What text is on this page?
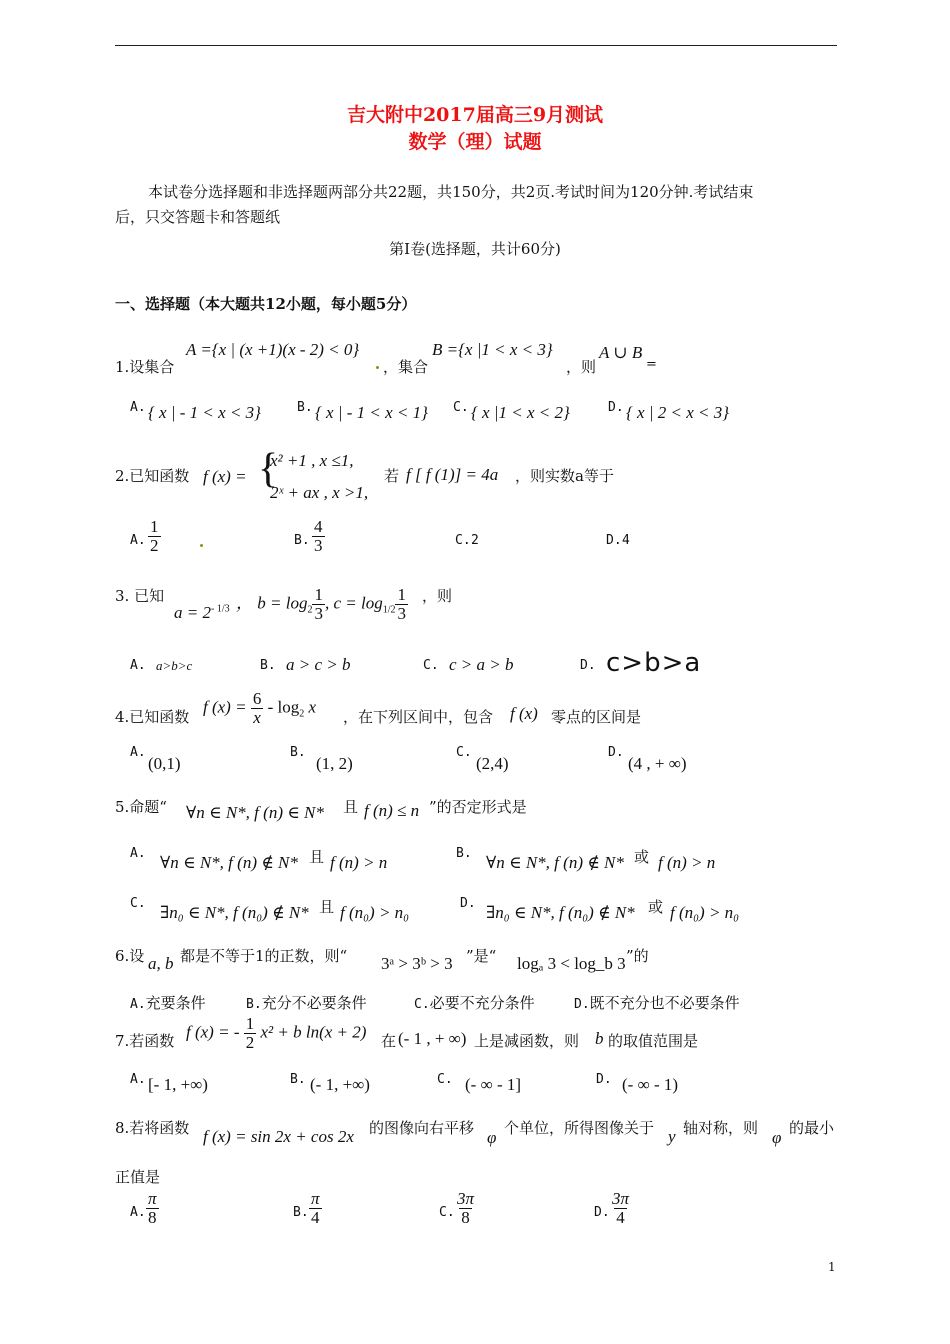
吉大附中2017届高三9月测试
数学（理）试题
本试卷分选择题和非选择题两部分共22题，共150分，共2页.考试时间为120分钟.考试结束
后，只交答题卡和答题纸
第Ⅰ卷(选择题，共计60分)
一、选择题（本大题共12小题，每小题5分）
1.设集合
A ={x | (x +1)(x - 2) < 0}
，集合
B ={x |1 < x < 3}
，则
A ∪ B
=
A. { x | - 1 < x < 3}	B. { x | - 1 < x < 1} C. { x |1 < x < 2}	D. { x | 2 < x < 3}
2.已知函数 f (x) = {
x² +1 , x ≤1,
2ˣ + ax , x >1,
若 f [ f (1)] = 4a ，则实数a等于
A. $\frac{1}{2}$	B. $\frac{4}{3}$	C. 2	D. 4
3. 已知
$a = 2^{- 1/3}$ ， $b = \log_2 \frac{1}{3}$ , $c = \log_{1/2} \frac{1}{3}$ ，则
A. a>b>c	B. a > c > b	C. c > a > b	D. c>b>a
4.已知函数
f $(x) = \frac{6}{x} - \log_2 x$
，在下列区间中，包含 f (x) 零点的区间是
A.
(0,1)
B.
(1, 2)
C.
(2,4)
D.
(4 , + ∞)
5.命题“ ∀n ∈ N*, f (n) ∈ N* 且 f (n) ≤ n ”的否定形式是
A. ∀n ∈ N*, f (n) ∉ N* 且 f (n) > n	B. ∀n ∈ N*, f (n) ∉ N* 或 f (n) > n
C. ∃n₀ ∈ N*, f (n₀) ∉ N* 且 f (n₀) > n₀	D. ∃n₀ ∈ N*, f (n₀) ∉ N* 或 f (n₀) > n₀
6.设 a, b 都是不等于1的正数，则“ 3ᵃ > 3ᵇ > 3 ”是“ logₐ 3 < log_b 3 ”的
A.充要条件	B.充分不必要条件	C.必要不充分条件	D.既不充分也不必要条件
7.若函数 f (x) = - $\frac{1}{2} x^2 + b$ ln(x + 2) 在 (- 1 , + ∞) 上是减函数，则 b 的取值范围是
A. [- 1, +∞)	B. (- 1, +∞)	C. (- ∞ - 1]	D. (- ∞ - 1)
8.若将函数 f (x) = sin 2x + cos 2x 的图像向右平移 φ 个单位，所得图像关于 y 轴对称，则 φ 的最小
正值是
A. $\frac{\pi}{8}$	B. $\frac{\pi}{4}$	C. $\frac{3\pi}{8}$	D. $\frac{3\pi}{4}$
1
